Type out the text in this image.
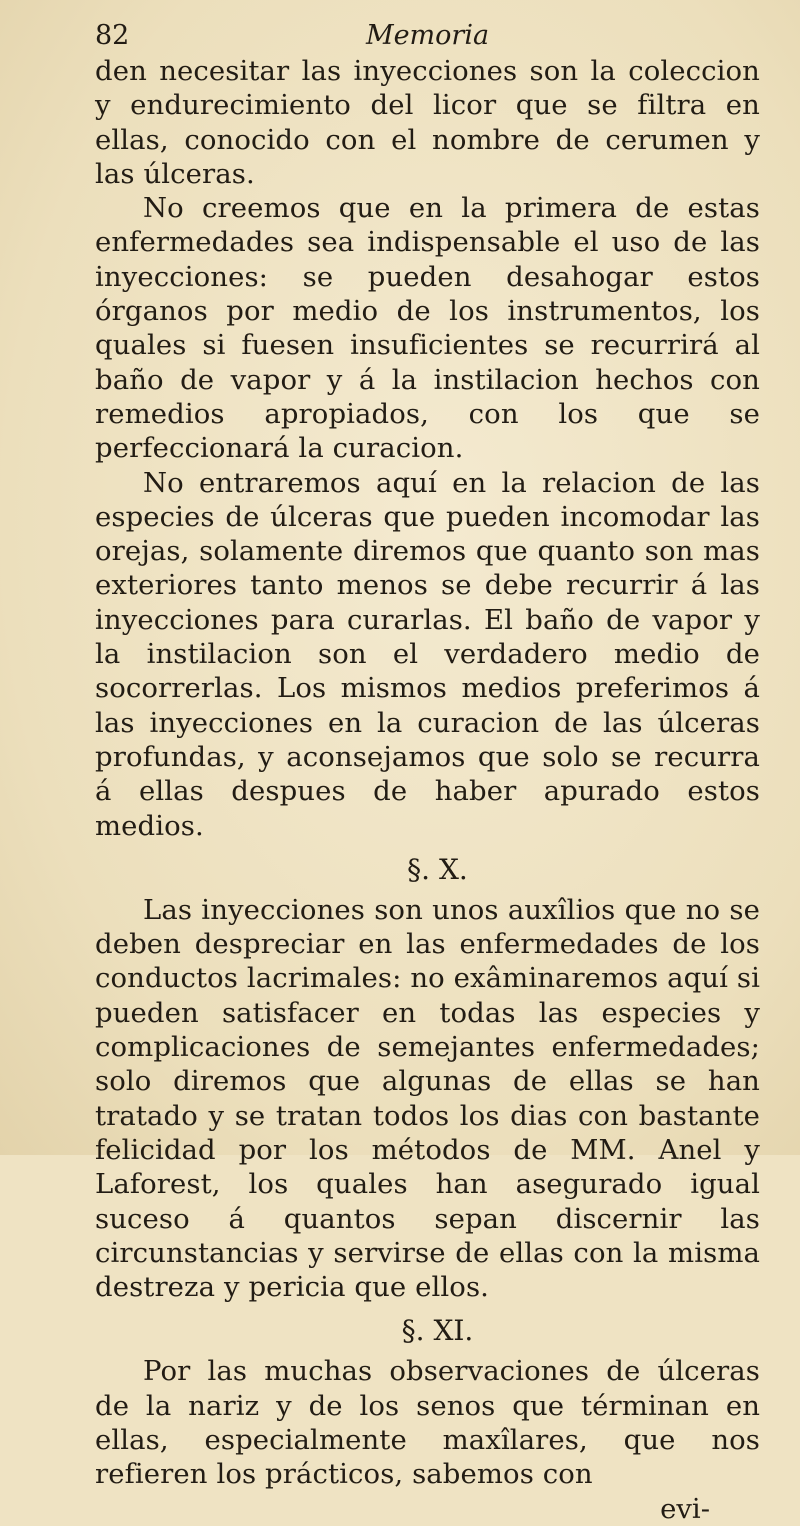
82	Memoria

den necesitar las inyecciones son la coleccion y endurecimiento del licor que se filtra en ellas, conocido con el nombre de cerumen y las úlceras.

No creemos que en la primera de estas enfermedades sea indispensable el uso de las inyecciones: se pueden desahogar estos órganos por medio de los instrumentos, los quales si fuesen insuficientes se recurrirá al baño de vapor y á la instilacion hechos con remedios apropiados, con los que se perfeccionará la curacion.

No entraremos aquí en la relacion de las especies de úlceras que pueden incomodar las orejas, solamente diremos que quanto son mas exteriores tanto menos se debe recurrir á las inyecciones para curarlas. El baño de vapor y la instilacion son el verdadero medio de socorrerlas. Los mismos medios preferimos á las inyecciones en la curacion de las úlceras profundas, y aconsejamos que solo se recurra á ellas despues de haber apurado estos medios.

§. X.

Las inyecciones son unos auxîlios que no se deben despreciar en las enfermedades de los conductos lacrimales: no exâminaremos aquí si pueden satisfacer en todas las especies y complicaciones de semejantes enfermedades; solo diremos que algunas de ellas se han tratado y se tratan todos los dias con bastante felicidad por los métodos de MM. Anel y Laforest, los quales han asegurado igual suceso á quantos sepan discernir las circunstancias y servirse de ellas con la misma destreza y pericia que ellos.

§. XI.

Por las muchas observaciones de úlceras de la nariz y de los senos que términan en ellas, especialmente maxîlares, que nos refieren los prácticos, sabemos con

evi-
